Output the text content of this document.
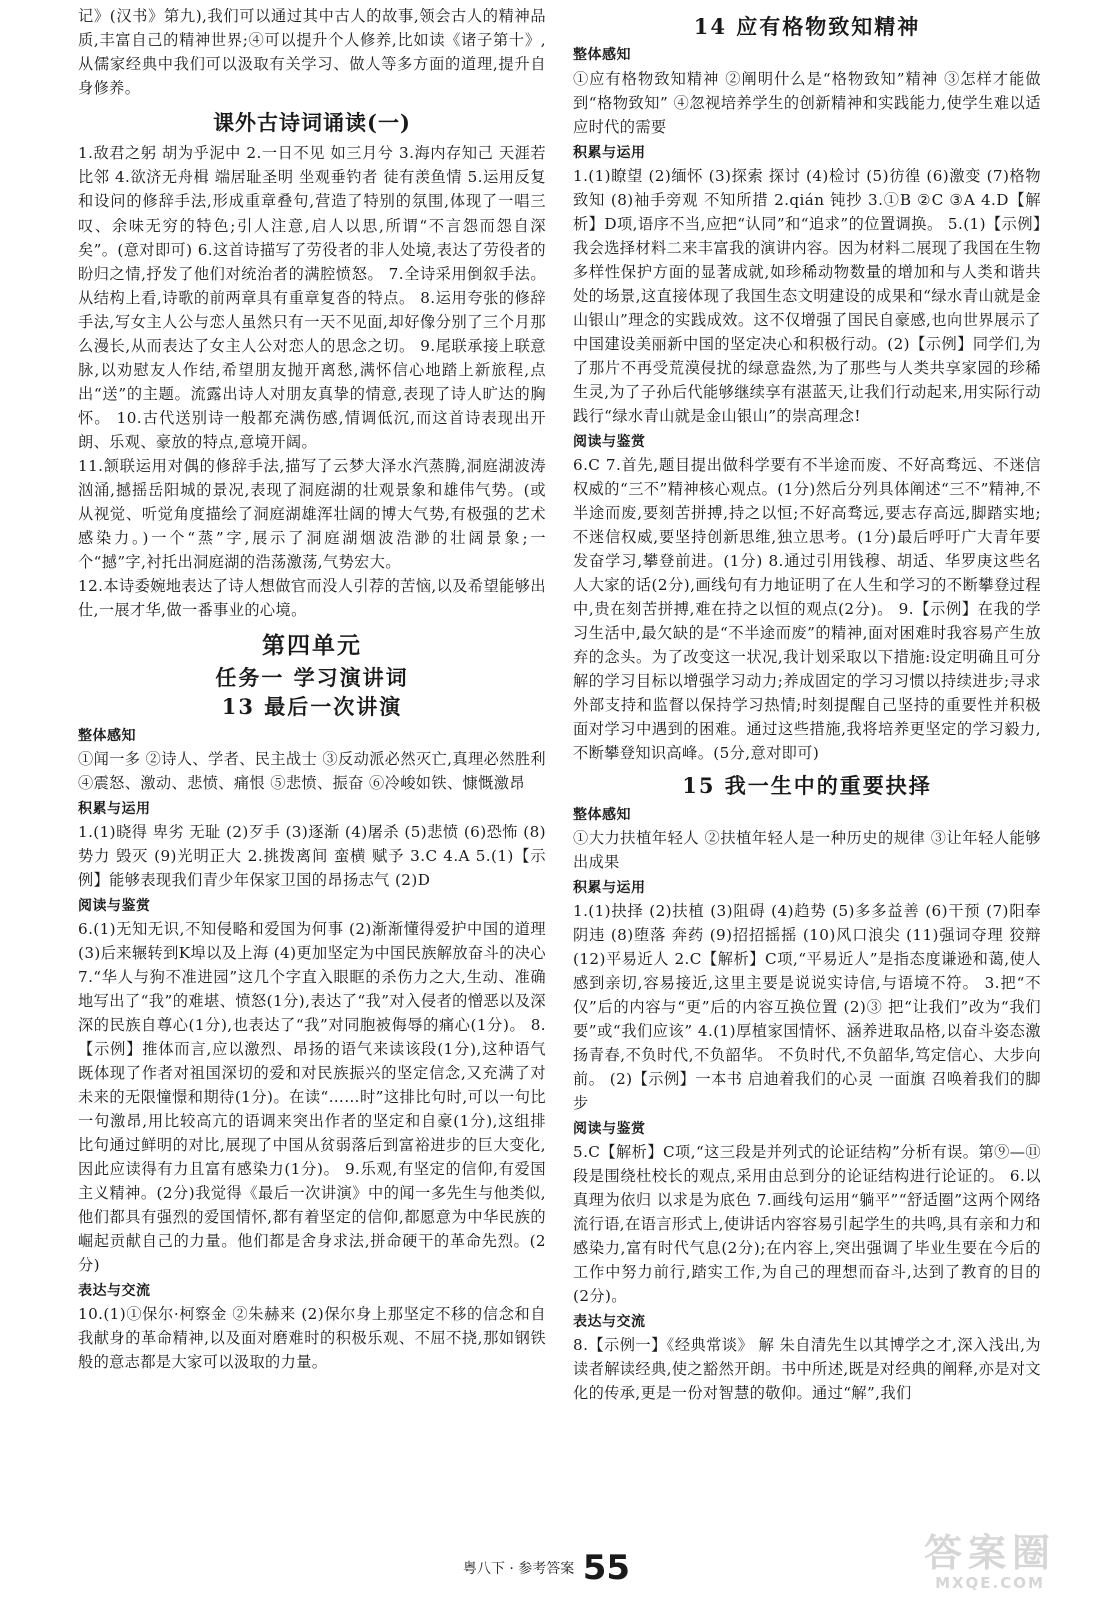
记》(汉书》第九),我们可以通过其中古人的故事,领会古人的精神品质,丰富自己的精神世界;④可以提升个人修养,比如读《诸子第十》,从儒家经典中我们可以汲取有关学习、做人等多方面的道理,提升自身修养。

课外古诗词诵读(一)

1.敌君之躬 胡为乎泥中 2.一日不见 如三月兮 3.海内存知己 天涯若比邻 4.欲济无舟楫 端居耻圣明 坐观垂钓者 徒有羡鱼情 5.运用反复和设问的修辞手法,形成重章叠句,营造了特别的氛围,体现了一唱三叹、余味无穷的特色;引人注意,启人以思,所谓“不言怨而怨自深矣”。(意对即可) 6.这首诗描写了劳役者的非人处境,表达了劳役者的盼归之情,抒发了他们对统治者的满腔愤怒。 7.全诗采用倒叙手法。从结构上看,诗歌的前两章具有重章复沓的特点。 8.运用夸张的修辞手法,写女主人公与恋人虽然只有一天不见面,却好像分别了三个月那么漫长,从而表达了女主人公对恋人的思念之切。 9.尾联承接上联意脉,以劝慰友人作结,希望朋友抛开离愁,满怀信心地踏上新旅程,点出“送”的主题。流露出诗人对朋友真挚的情意,表现了诗人旷达的胸怀。 10.古代送别诗一般都充满伤感,情调低沉,而这首诗表现出开朗、乐观、豪放的特点,意境开阔。

11.颔联运用对偶的修辞手法,描写了云梦大泽水汽蒸腾,洞庭湖波涛汹涌,撼摇岳阳城的景况,表现了洞庭湖的壮观景象和雄伟气势。(或从视觉、听觉角度描绘了洞庭湖雄浑壮阔的博大气势,有极强的艺术感染力。)一个“蒸”字,展示了洞庭湖烟波浩渺的壮阔景象;一个“撼”字,衬托出洞庭湖的浩荡激荡,气势宏大。

12.本诗委婉地表达了诗人想做官而没人引荐的苦恼,以及希望能够出仕,一展才华,做一番事业的心境。

第四单元
任务一 学习演讲词
13 最后一次讲演
整体感知

①闻一多 ②诗人、学者、民主战士 ③反动派必然灭亡,真理必然胜利 ④震怒、激动、悲愤、痛恨 ⑤悲愤、振奋 ⑥冷峻如铁、慷慨激昂

积累与运用

1.(1)晓得 卑劣 无耻 (2)歹手 (3)逐渐 (4)屠杀 (5)悲愤 (6)恐怖 (8)势力 毁灭 (9)光明正大 2.挑拨离间 蛮横 赋予 3.C 4.A 5.(1)【示例】能够表现我们青少年保家卫国的昂扬志气 (2)D

阅读与鉴赏

6.(1)无知无识,不知侵略和爱国为何事 (2)渐渐懂得爱护中国的道理 (3)后来辗转到K埠以及上海 (4)更加坚定为中国民族解放奋斗的决心 7.“华人与狗不准进园”这几个字直入眼眶的杀伤力之大,生动、准确地写出了“我”的难堪、愤怒(1分),表达了“我”对入侵者的憎恶以及深深的民族自尊心(1分),也表达了“我”对同胞被侮辱的痛心(1分)。 8.【示例】推体而言,应以激烈、昂扬的语气来读该段(1分),这种语气既体现了作者对祖国深切的爱和对民族振兴的坚定信念,又充满了对未来的无限憧憬和期待(1分)。在读“……时”这排比句时,可以一句比一句激昂,用比较高亢的语调来突出作者的坚定和自豪(1分),这组排比句通过鲜明的对比,展现了中国从贫弱落后到富裕进步的巨大变化,因此应读得有力且富有感染力(1分)。 9.乐观,有坚定的信仰,有爱国主义精神。(2分)我觉得《最后一次讲演》中的闻一多先生与他类似,他们都具有强烈的爱国情怀,都有着坚定的信仰,都愿意为中华民族的崛起贡献自己的力量。他们都是舍身求法,拼命硬干的革命先烈。(2分)

表达与交流

10.(1)①保尔·柯察金 ②朱赫来 (2)保尔身上那坚定不移的信念和自我献身的革命精神,以及面对磨难时的积极乐观、不屈不挠,那如钢铁般的意志都是大家可以汲取的力量。

14 应有格物致知精神
整体感知

①应有格物致知精神 ②阐明什么是“格物致知”精神 ③怎样才能做到“格物致知” ④忽视培养学生的创新精神和实践能力,使学生难以适应时代的需要

积累与运用

1.(1)瞭望 (2)缅怀 (3)探索 探讨 (4)检讨 (5)彷徨 (6)激变 (7)格物致知 (8)袖手旁观 不知所措 2.qián 钝抄 3.①B ②C ③A 4.D【解析】D项,语序不当,应把“认同”和“追求”的位置调换。 5.(1)【示例】我会选择材料二来丰富我的演讲内容。因为材料二展现了我国在生物多样性保护方面的显著成就,如珍稀动物数量的增加和与人类和谐共处的场景,这直接体现了我国生态文明建设的成果和“绿水青山就是金山银山”理念的实践成效。这不仅增强了国民自豪感,也向世界展示了中国建设美丽新中国的坚定决心和积极行动。(2)【示例】同学们,为了那片不再受荒漠侵扰的绿意盎然,为了那些与人类共享家园的珍稀生灵,为了子孙后代能够继续享有湛蓝天,让我们行动起来,用实际行动践行“绿水青山就是金山银山”的崇高理念!

阅读与鉴赏

6.C 7.首先,题目提出做科学要有不半途而废、不好高骛远、不迷信权威的“三不”精神核心观点。(1分)然后分列具体阐述“三不”精神,不半途而废,要刻苦拼搏,持之以恒;不好高骛远,要志存高远,脚踏实地;不迷信权威,要坚持创新思维,独立思考。(1分)最后呼吁广大青年要发奋学习,攀登前进。(1分) 8.通过引用钱穆、胡适、华罗庚这些名人大家的话(2分),画线句有力地证明了在人生和学习的不断攀登过程中,贵在刻苦拼搏,难在持之以恒的观点(2分)。 9.【示例】在我的学习生活中,最欠缺的是“不半途而废”的精神,面对困难时我容易产生放弃的念头。为了改变这一状况,我计划采取以下措施:设定明确且可分解的学习目标以增强学习动力;养成固定的学习习惯以持续进步;寻求外部支持和监督以保持学习热情;时刻提醒自己坚持的重要性并积极面对学习中遇到的困难。通过这些措施,我将培养更坚定的学习毅力,不断攀登知识高峰。(5分,意对即可)

15 我一生中的重要抉择
整体感知

①大力扶植年轻人 ②扶植年轻人是一种历史的规律 ③让年轻人能够出成果

积累与运用

1.(1)抉择 (2)扶植 (3)阻碍 (4)趋势 (5)多多益善 (6)干预 (7)阳奉阴违 (8)堕落 奔药 (9)招招摇摇 (10)风口浪尖 (11)强词夺理 狡辩 (12)平易近人 2.C【解析】C项,“平易近人”是指态度谦逊和蔼,使人感到亲切,容易接近,这里主要是说说实诗信,与语境不符。 3.把“不仅”后的内容与“更”后的内容互换位置 (2)③ 把“让我们”改为“我们要”或“我们应该” 4.(1)厚植家国情怀、涵养进取品格,以奋斗姿态激扬青春,不负时代,不负韶华。 不负时代,不负韶华,笃定信心、大步向前。 (2)【示例】一本书 启迪着我们的心灵 一面旗 召唤着我们的脚步

阅读与鉴赏

5.C【解析】C项,“这三段是并列式的论证结构”分析有误。第⑨—⑪段是围绕杜校长的观点,采用由总到分的论证结构进行论证的。 6.以真理为依归 以求是为底色 7.画线句运用“躺平”“舒适圈”这两个网络流行语,在语言形式上,使讲话内容容易引起学生的共鸣,具有亲和力和感染力,富有时代气息(2分);在内容上,突出强调了毕业生要在今后的工作中努力前行,踏实工作,为自己的理想而奋斗,达到了教育的目的(2分)。

表达与交流

8.【示例一】《经典常谈》 解 朱自清先生以其博学之才,深入浅出,为读者解读经典,使之豁然开朗。书中所述,既是对经典的阐释,亦是对文化的传承,更是一份对智慧的敬仰。通过“解”,我们

粤八下 · 参考答案 55	答案圈
MXQE.COM
